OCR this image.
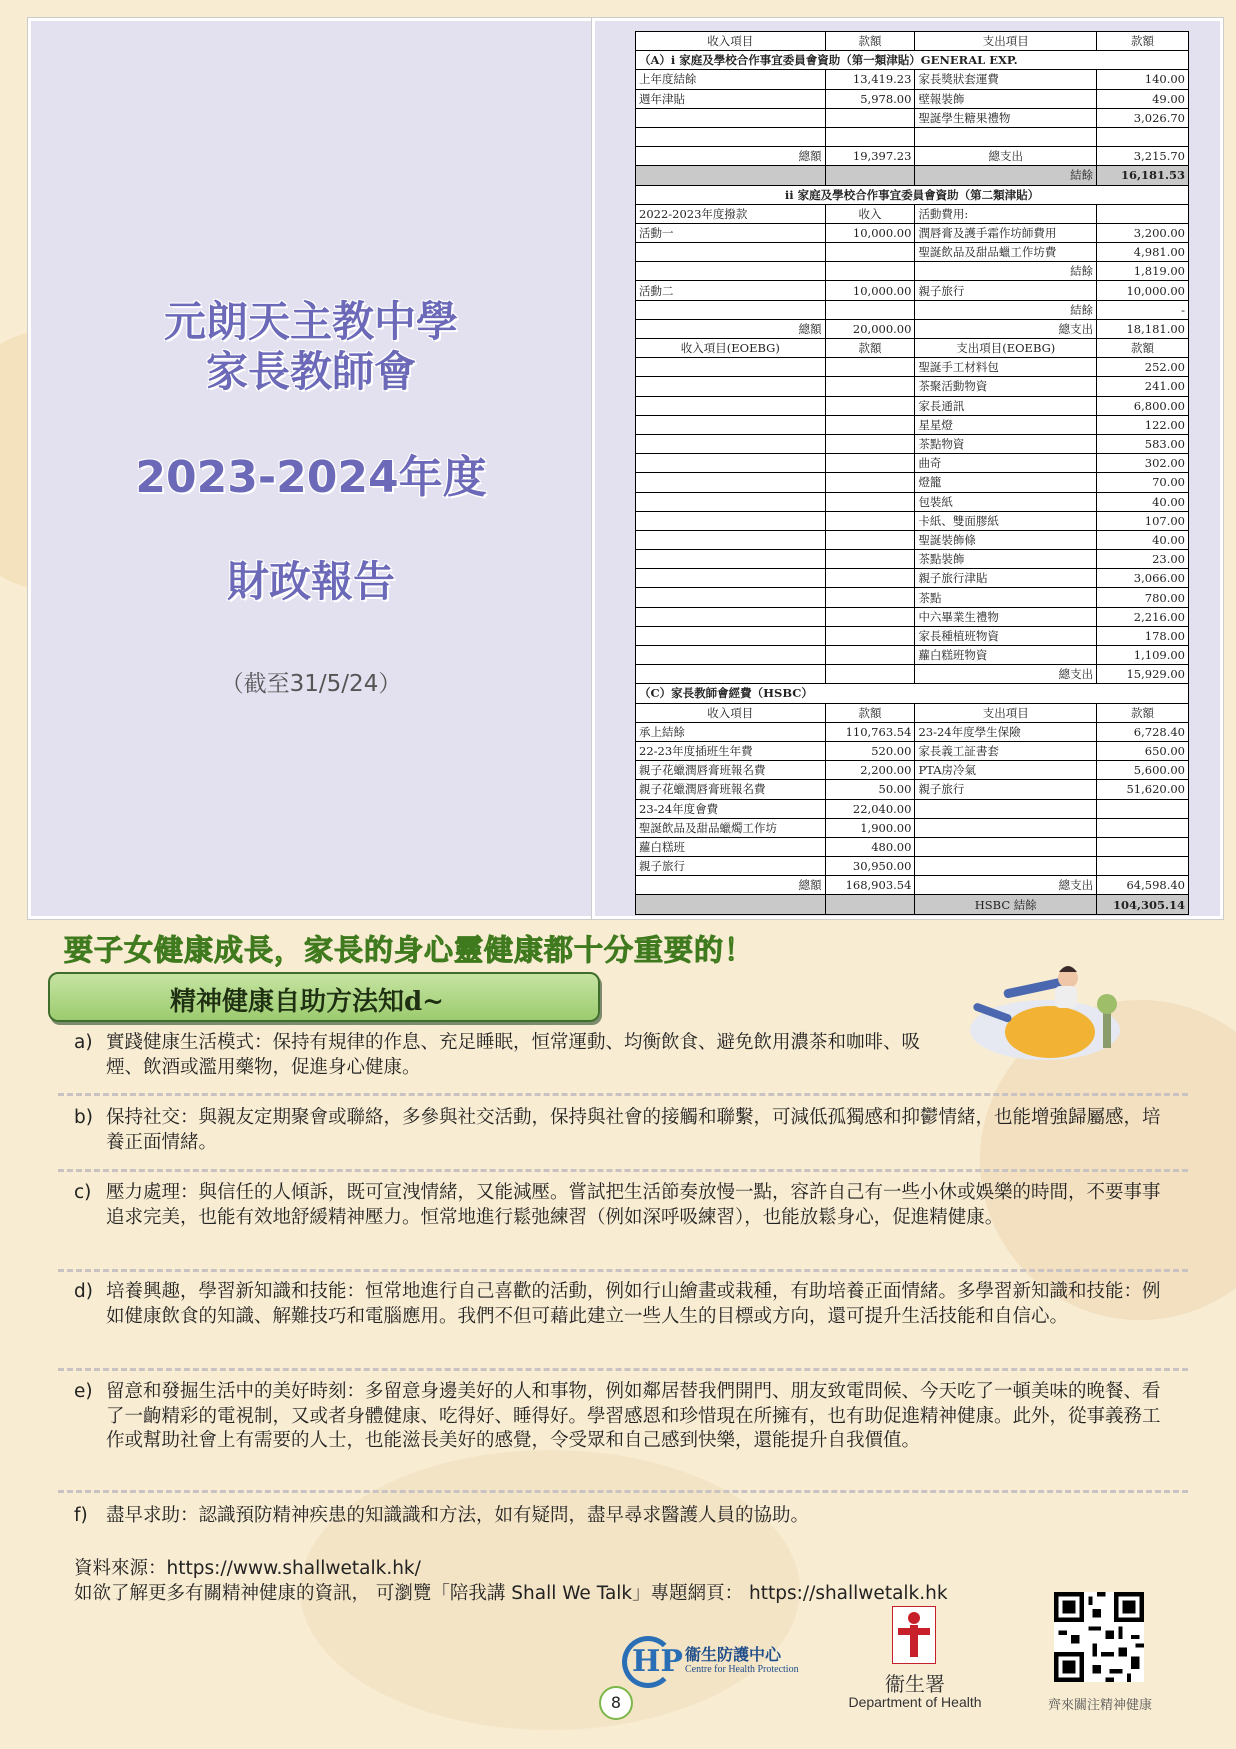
元朗天主教中學
家長教師會
2023-2024年度
財政報告
（截至31/5/24）
收入項目	款額	支出項目	款額
（A）i 家庭及學校合作事宜委員會資助（第一類津貼）GENERAL EXP.			
上年度結餘	13,419.23	家長獎狀套運費	140.00
週年津貼	5,978.00	壁報裝飾	49.00
		聖誕學生糖果禮物	3,026.70

總額	19,397.23	總支出	3,215.70
		結餘	16,181.53
ii 家庭及學校合作事宜委員會資助（第二類津貼）			
2022-2023年度撥款	收入	活動費用:	
活動一	10,000.00	潤唇膏及護手霜作坊師費用	3,200.00
		聖誕飲品及甜品蠟工作坊費	4,981.00
		結餘	1,819.00
活動二	10,000.00	親子旅行	10,000.00
		結餘	-
總額	20,000.00	總支出	18,181.00
收入項目(EOEBG)	款額	支出項目(EOEBG)	款額
		聖誕手工材料包	252.00
		茶聚活動物資	241.00
		家長通訊	6,800.00
		星星燈	122.00
		茶點物資	583.00
		曲奇	302.00
		燈籠	70.00
		包裝紙	40.00
		卡紙、雙面膠紙	107.00
		聖誕裝飾條	40.00
		茶點裝飾	23.00
		親子旅行津貼	3,066.00
		茶點	780.00
		中六畢業生禮物	2,216.00
		家長種植班物資	178.00
		蘿白糕班物資	1,109.00
		總支出	15,929.00
（C）家長教師會經費（HSBC）			
收入項目	款額	支出項目	款額
承上結餘	110,763.54	23-24年度學生保險	6,728.40
22-23年度插班生年費	520.00	家長義工証書套	650.00
親子花蠟潤唇膏班報名費	2,200.00	PTA房冷氣	5,600.00
親子花蠟潤唇膏班報名費	50.00	親子旅行	51,620.00
23-24年度會費	22,040.00		
聖誕飲品及甜品蠟燭工作坊	1,900.00		
蘿白糕班	480.00		
親子旅行	30,950.00		
總額	168,903.54	總支出	64,598.40
		HSBC 結餘	104,305.14
要子女健康成長，家長的身心靈健康都十分重要的！
精神健康自助方法知d~
a) 實踐健康生活模式：保持有規律的作息、充足睡眠，恒常運動、均衡飲食、避免飲用濃茶和咖啡、吸煙、飲酒或濫用藥物，促進身心健康。
b) 保持社交：與親友定期聚會或聯絡，多參與社交活動，保持與社會的接觸和聯繫，可減低孤獨感和抑鬱情緒，也能增強歸屬感，培養正面情緒。
c) 壓力處理：與信任的人傾訴，既可宣洩情緒，又能減壓。嘗試把生活節奏放慢一點，容許自己有一些小休或娛樂的時間，不要事事追求完美，也能有效地舒緩精神壓力。恒常地進行鬆弛練習（例如深呼吸練習），也能放鬆身心，促進精健康。
d) 培養興趣，學習新知識和技能：恒常地進行自己喜歡的活動，例如行山繪畫或栽種，有助培養正面情緒。多學習新知識和技能：例如健康飲食的知識、解難技巧和電腦應用。我們不但可藉此建立一些人生的目標或方向，還可提升生活技能和自信心。
e) 留意和發掘生活中的美好時刻：多留意身邊美好的人和事物，例如鄰居替我們開門、朋友致電問候、今天吃了一頓美味的晚餐、看了一齣精彩的電視制，又或者身體健康、吃得好、睡得好。學習感恩和珍惜現在所擁有，也有助促進精神健康。此外，從事義務工作或幫助社會上有需要的人士，也能滋長美好的感覺，令受眾和自己感到快樂，還能提升自我價值。
f) 盡早求助：認識預防精神疾患的知識識和方法，如有疑問，盡早尋求醫護人員的協助。
資料來源：https://www.shallwetalk.hk/
如欲了解更多有關精神健康的資訊， 可瀏覽「陪我講 Shall We Talk」專題網頁： https://shallwetalk.hk
HP 衞生防護中心
Centre for Health Protection
衞生署
Department of Health	齊來關注精神健康
8
